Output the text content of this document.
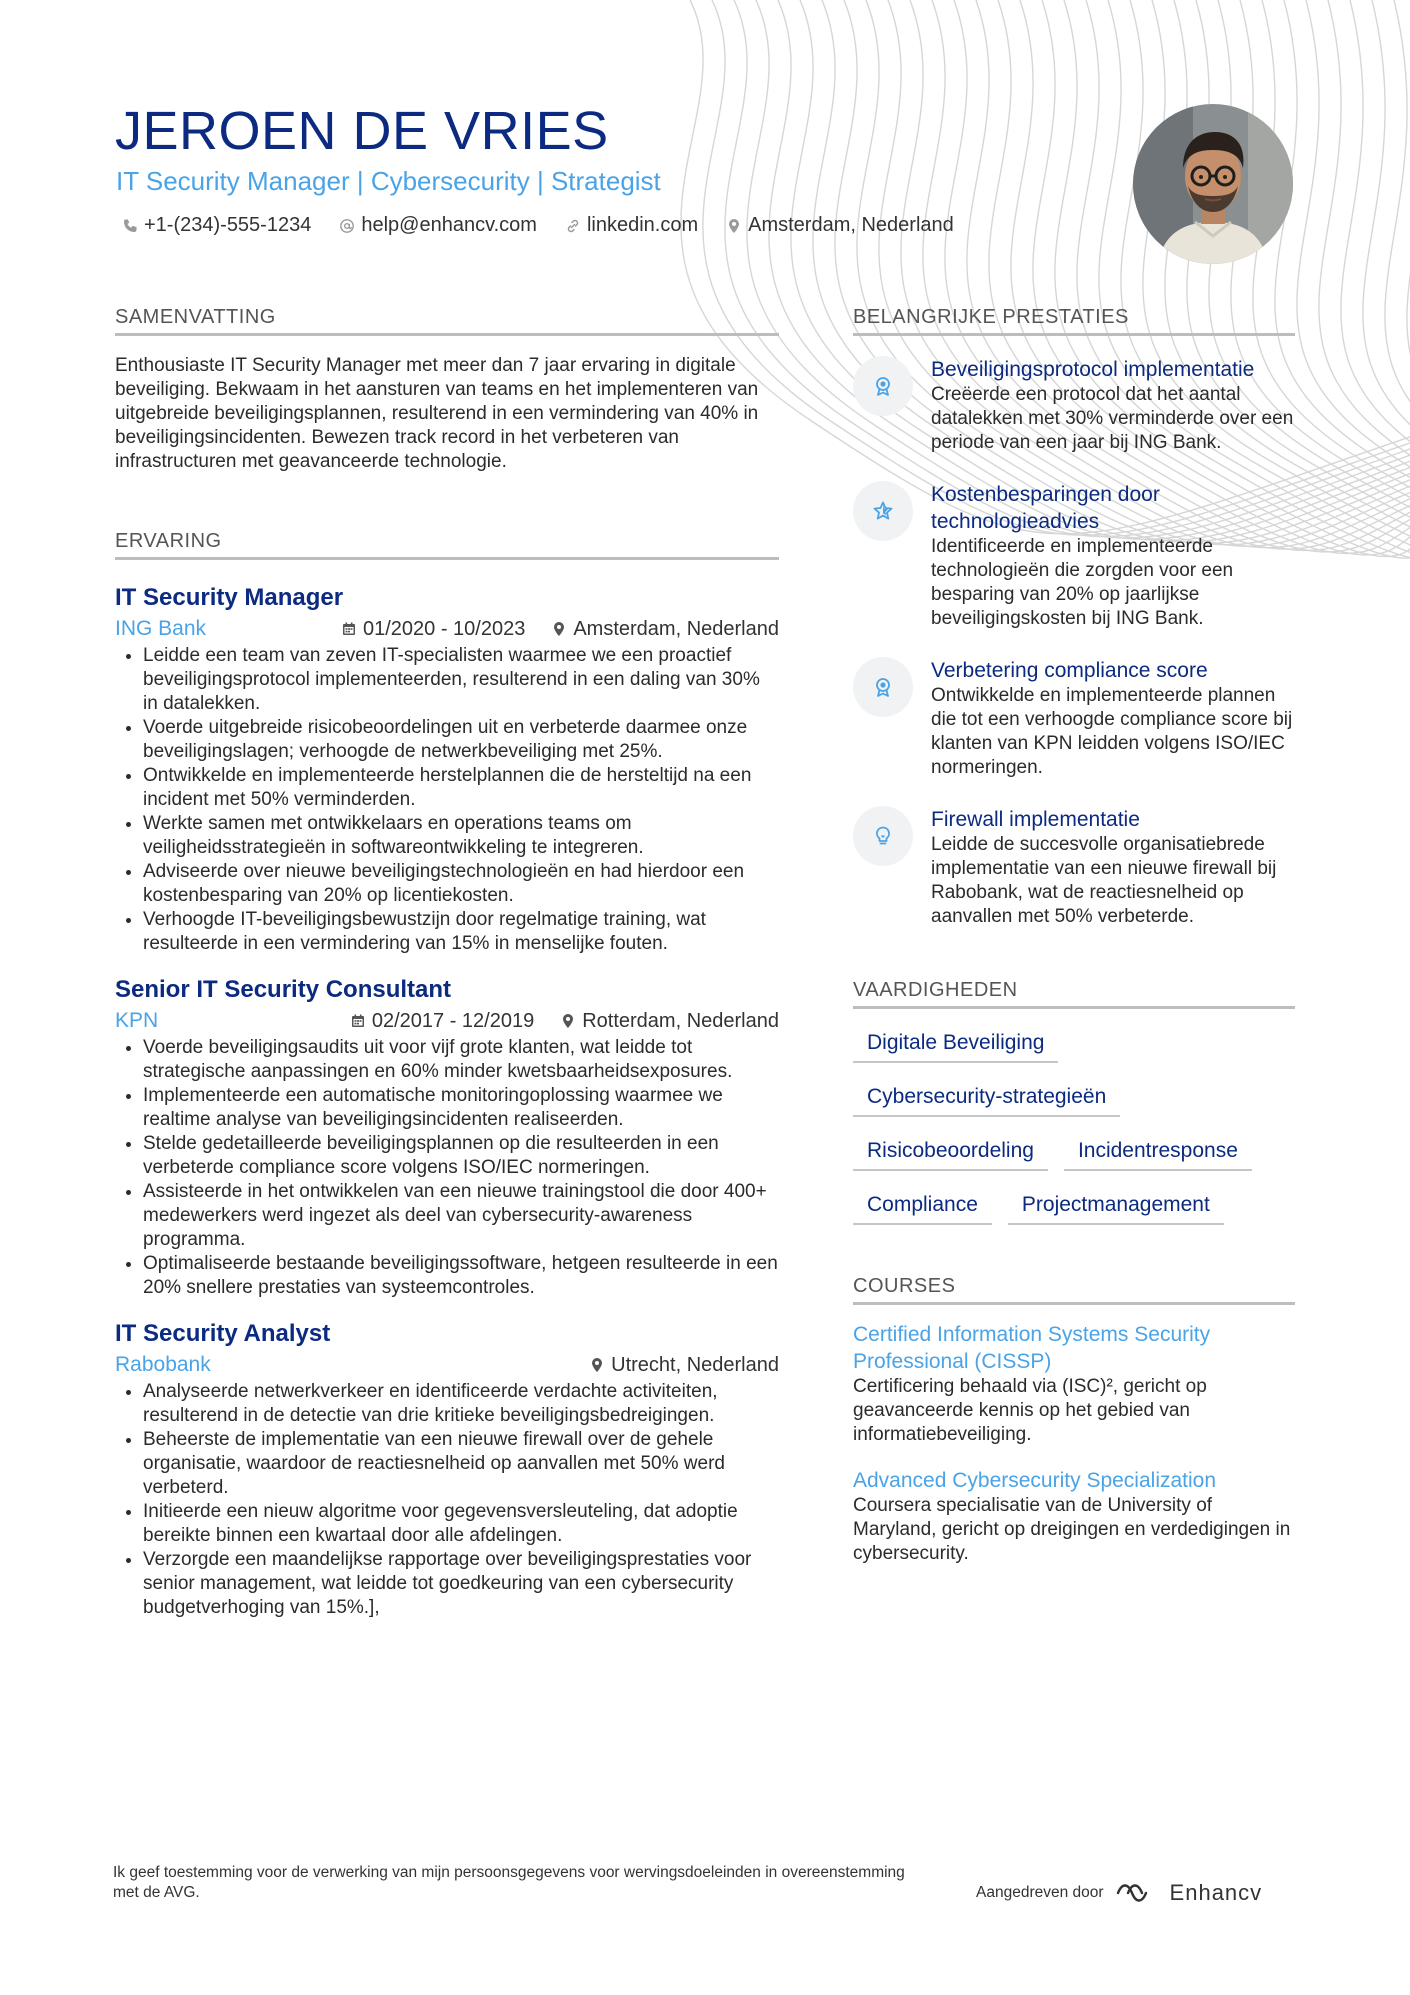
JEROEN DE VRIES
IT Security Manager | Cybersecurity | Strategist
+1-(234)-555-1234	help@enhancv.com	linkedin.com	Amsterdam, Nederland
SAMENVATTING

Enthousiaste IT Security Manager met meer dan 7 jaar ervaring in digitale beveiliging. Bekwaam in het aansturen van teams en het implementeren van uitgebreide beveiligingsplannen, resulterend in een vermindering van 40% in beveiligingsincidenten. Bewezen track record in het verbeteren van infrastructuren met geavanceerde technologie.

ERVARING
IT Security Manager
ING Bank	01/2020 - 10/2023 Amsterdam, Nederland
• Leidde een team van zeven IT-specialisten waarmee we een proactief beveiligingsprotocol implementeerden, resulterend in een daling van 30% in datalekken.
• Voerde uitgebreide risicobeoordelingen uit en verbeterde daarmee onze beveiligingslagen; verhoogde de netwerkbeveiliging met 25%.
• Ontwikkelde en implementeerde herstelplannen die de hersteltijd na een incident met 50% verminderden.
• Werkte samen met ontwikkelaars en operations teams om veiligheidsstrategieën in softwareontwikkeling te integreren.
• Adviseerde over nieuwe beveiligingstechnologieën en had hierdoor een kostenbesparing van 20% op licentiekosten.
• Verhoogde IT-beveiligingsbewustzijn door regelmatige training, wat resulteerde in een vermindering van 15% in menselijke fouten.
Senior IT Security Consultant
KPN	02/2017 - 12/2019 Rotterdam, Nederland
• Voerde beveiligingsaudits uit voor vijf grote klanten, wat leidde tot strategische aanpassingen en 60% minder kwetsbaarheidsexposures.
• Implementeerde een automatische monitoringoplossing waarmee we realtime analyse van beveiligingsincidenten realiseerden.
• Stelde gedetailleerde beveiligingsplannen op die resulteerden in een verbeterde compliance score volgens ISO/IEC normeringen.
• Assisteerde in het ontwikkelen van een nieuwe trainingstool die door 400+ medewerkers werd ingezet als deel van cybersecurity-awareness programma.
• Optimaliseerde bestaande beveiligingssoftware, hetgeen resulteerde in een 20% snellere prestaties van systeemcontroles.
IT Security Analyst
Rabobank	Utrecht, Nederland
• Analyseerde netwerkverkeer en identificeerde verdachte activiteiten, resulterend in de detectie van drie kritieke beveiligingsbedreigingen.
• Beheerste de implementatie van een nieuwe firewall over de gehele organisatie, waardoor de reactiesnelheid op aanvallen met 50% werd verbeterd.
• Initieerde een nieuw algoritme voor gegevensversleuteling, dat adoptie bereikte binnen een kwartaal door alle afdelingen.
• Verzorgde een maandelijkse rapportage over beveiligingsprestaties voor senior management, wat leidde tot goedkeuring van een cybersecurity budgetverhoging van 15%.],
BELANGRIJKE PRESTATIES
Beveiligingsprotocol implementatie
Creëerde een protocol dat het aantal datalekken met 30% verminderde over een periode van een jaar bij ING Bank.
Kostenbesparingen door technologieadvies
Identificeerde en implementeerde technologieën die zorgden voor een besparing van 20% op jaarlijkse beveiligingskosten bij ING Bank.
Verbetering compliance score
Ontwikkelde en implementeerde plannen die tot een verhoogde compliance score bij klanten van KPN leidden volgens ISO/IEC normeringen.
Firewall implementatie
Leidde de succesvolle organisatiebrede implementatie van een nieuwe firewall bij Rabobank, wat de reactiesnelheid op aanvallen met 50% verbeterde.
VAARDIGHEDEN
Digitale Beveiliging
Cybersecurity-strategieën
Risicobeoordeling	Incidentresponse
Compliance	Projectmanagement
COURSES
Certified Information Systems Security Professional (CISSP)
Certificering behaald via (ISC)², gericht op geavanceerde kennis op het gebied van informatiebeveiliging.
Advanced Cybersecurity Specialization
Coursera specialisatie van de University of Maryland, gericht op dreigingen en verdedigingen in cybersecurity.
Ik geef toestemming voor de verwerking van mijn persoonsgegevens voor wervingsdoeleinden in overeenstemming met de AVG.	Aangedreven door	Enhancv
